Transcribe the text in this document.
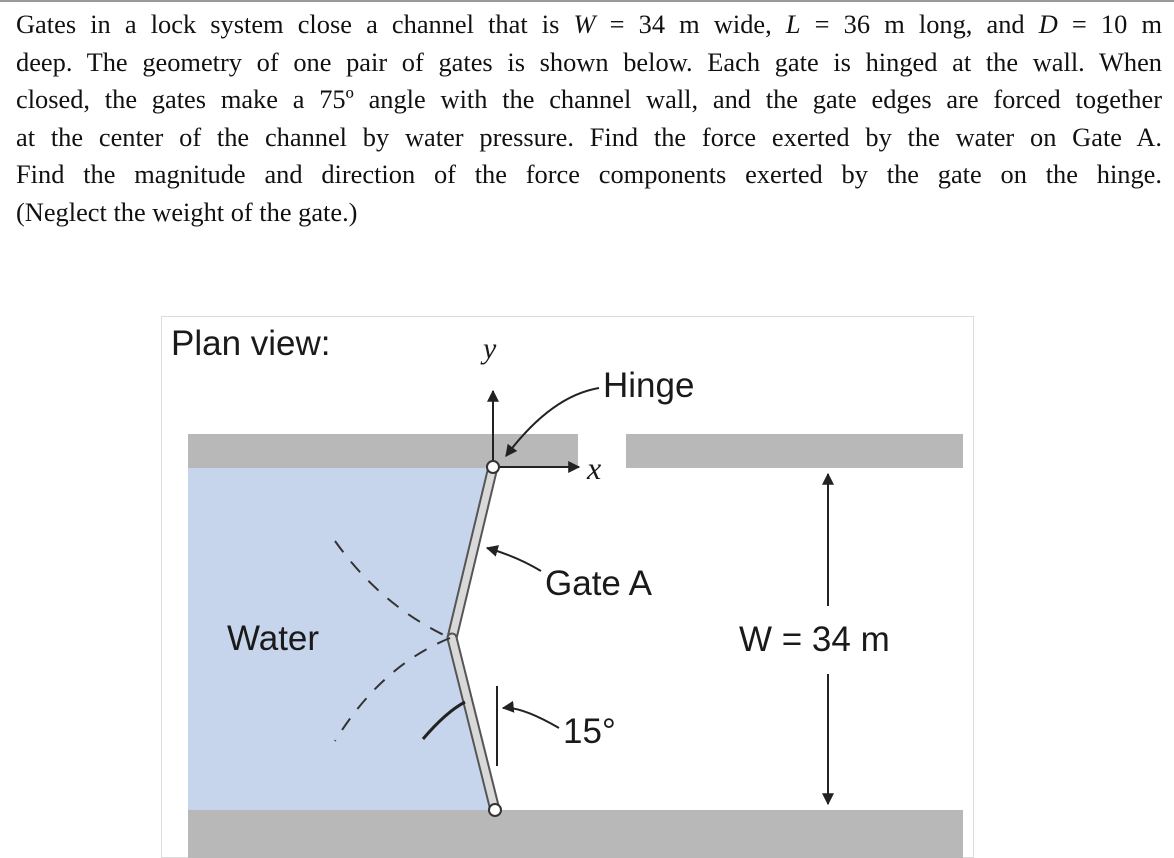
Gates in a lock system close a channel that is W = 34 m wide, L = 36 m long, and D = 10 m
deep. The geometry of one pair of gates is shown below. Each gate is hinged at the wall. When
closed, the gates make a 75º angle with the channel wall, and the gate edges are forced together
at the center of the channel by water pressure. Find the force exerted by the water on Gate A.
Find the magnitude and direction of the force components exerted by the gate on the hinge.
(Neglect the weight of the gate.)
Plan view:	y
Hinge
x
Gate A
Water	W = 34 m
15°
